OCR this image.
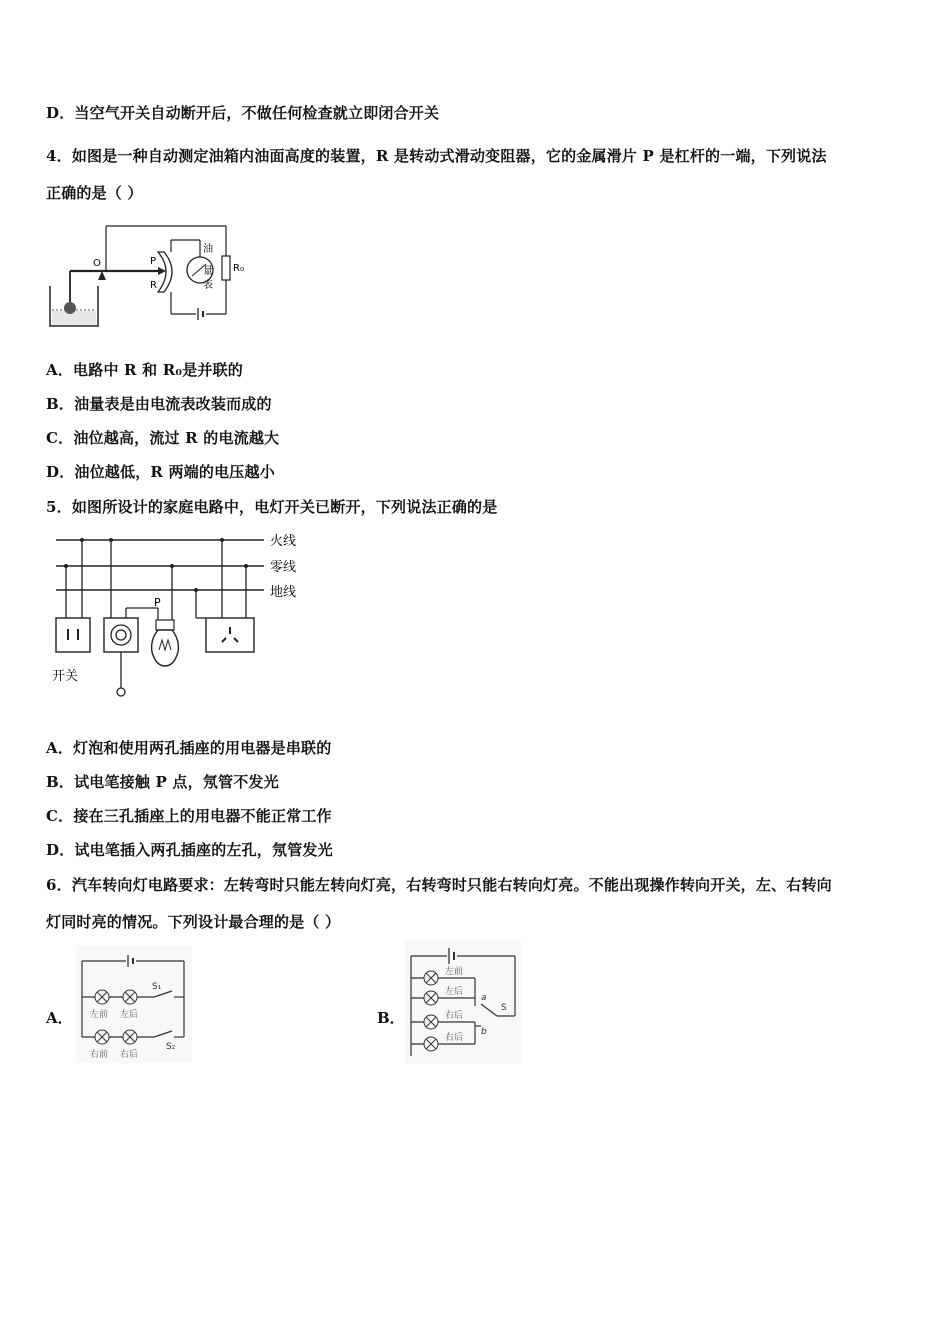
D．当空气开关自动断开后，不做任何检查就立即闭合开关
4．如图是一种自动测定油箱内油面高度的装置，R 是转动式滑动变阻器，它的金属滑片 P 是杠杆的一端，下列说法
正确的是（ ）
O	P
R
油
量
表
R₀
A．电路中 R 和 R₀是并联的
B．油量表是由电流表改装而成的
C．油位越高，流过 R 的电流越大
D．油位越低，R 两端的电压越小
5．如图所设计的家庭电路中，电灯开关已断开，下列说法正确的是
火线
零线
地线
开关
P
A．灯泡和使用两孔插座的用电器是串联的
B．试电笔接触 P 点，氖管不发光
C．接在三孔插座上的用电器不能正常工作
D．试电笔插入两孔插座的左孔，氖管发光
6．汽车转向灯电路要求：左转弯时只能左转向灯亮，右转弯时只能右转向灯亮。不能出现操作转向开关，左、右转向
灯同时亮的情况。下列设计最合理的是（ ）
A． 左前 左后
右前 右后
S₁
S₂
B．
左前
左后
右后
右后
a
b
S
